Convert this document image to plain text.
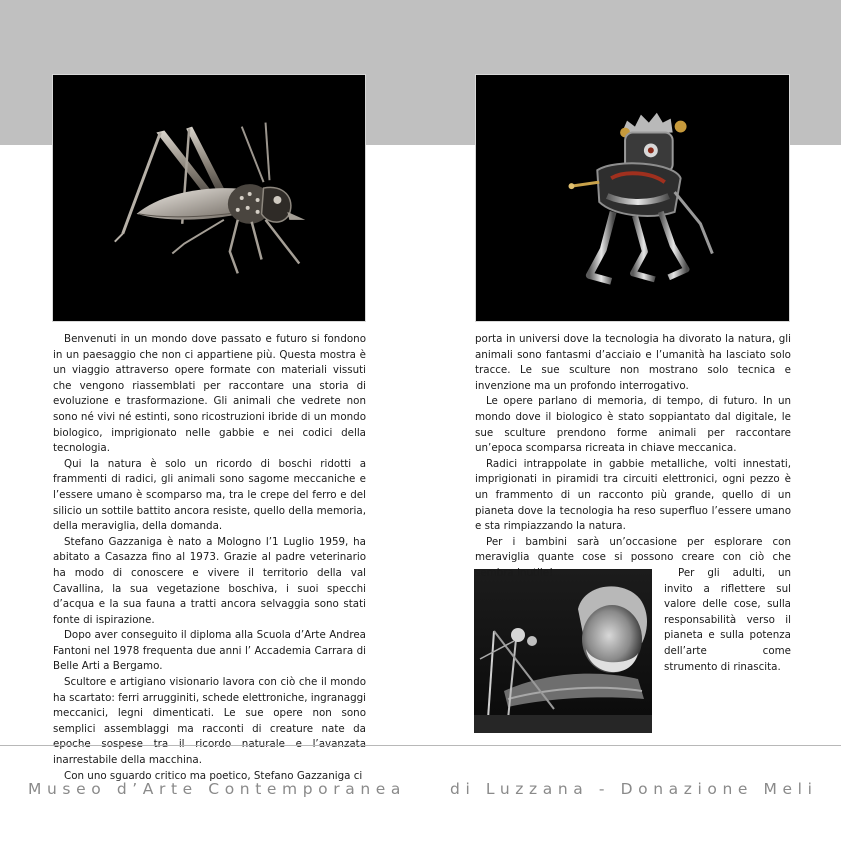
Benvenuti in un mondo dove passato e futuro si fondono in un paesaggio che non ci appartiene più. Questa mostra è un viaggio attraverso opere formate con materiali vissuti che vengono riassemblati per raccontare una storia di evoluzione e trasformazione. Gli animali che vedrete non sono né vivi né estinti, sono ricostruzioni ibride di un mondo biologico, imprigionato nelle gabbie e nei codici della tecnologia.

Qui la natura è solo un ricordo di boschi ridotti a frammenti di radici, gli animali sono sagome meccaniche e l’essere umano è scomparso ma, tra le crepe del ferro e del silicio un sottile battito ancora resiste, quello della memoria, della meraviglia, della domanda.

Stefano Gazzaniga è nato a Mologno l’1 Luglio 1959, ha abitato a Casazza fino al 1973. Grazie al padre veterinario ha modo di conoscere e vivere il territorio della val Cavallina, la sua vegetazione boschiva, i suoi specchi d’acqua e la sua fauna a tratti ancora selvaggia sono stati fonte di ispirazione.

Dopo aver conseguito il diploma alla Scuola d’Arte Andrea Fantoni nel 1978 frequenta due anni l’ Accademia Carrara di Belle Arti a Bergamo.

Scultore e artigiano visionario lavora con ciò che il mondo ha scartato: ferri arrugginiti, schede elettroniche, ingranaggi meccanici, legni dimenticati. Le sue opere non sono semplici assemblaggi ma racconti di creature nate da inarrestabile della macchina.

Con uno sguardo critico ma poetico, Stefano Gazzaniga ci

porta in universi dove la tecnologia ha divorato la natura, gli animali sono fantasmi d’acciaio e l’umanità ha lasciato solo tracce. Le sue sculture non mostrano solo tecnica e invenzione ma un profondo interrogativo.

Le opere parlano di memoria, di tempo, di futuro. In un mondo dove il biologico è stato soppiantato dal digitale, le sue sculture prendono forme animali per raccontare un’epoca scomparsa ricreata in chiave meccanica.

Radici intrappolate in gabbie metalliche, volti innestati, imprigionati in piramidi tra circuiti elettronici, ogni pezzo è un frammento di un racconto più grande, quello di un pianeta dove la tecnologia ha reso superfluo l’essere umano e sta rimpiazzando la natura.

Per i bambini sarà un’occasione per esplorare con meraviglia quante cose si possono creare con ciò che sembra inutile!	Per gli adulti, un invito a riflettere sul valore delle cose, sulla responsabilità verso il pianeta e sulla potenza dell’arte come strumento di rinascita.

Museo d’Arte Contemporanea	di Luzzana - Donazione Meli
